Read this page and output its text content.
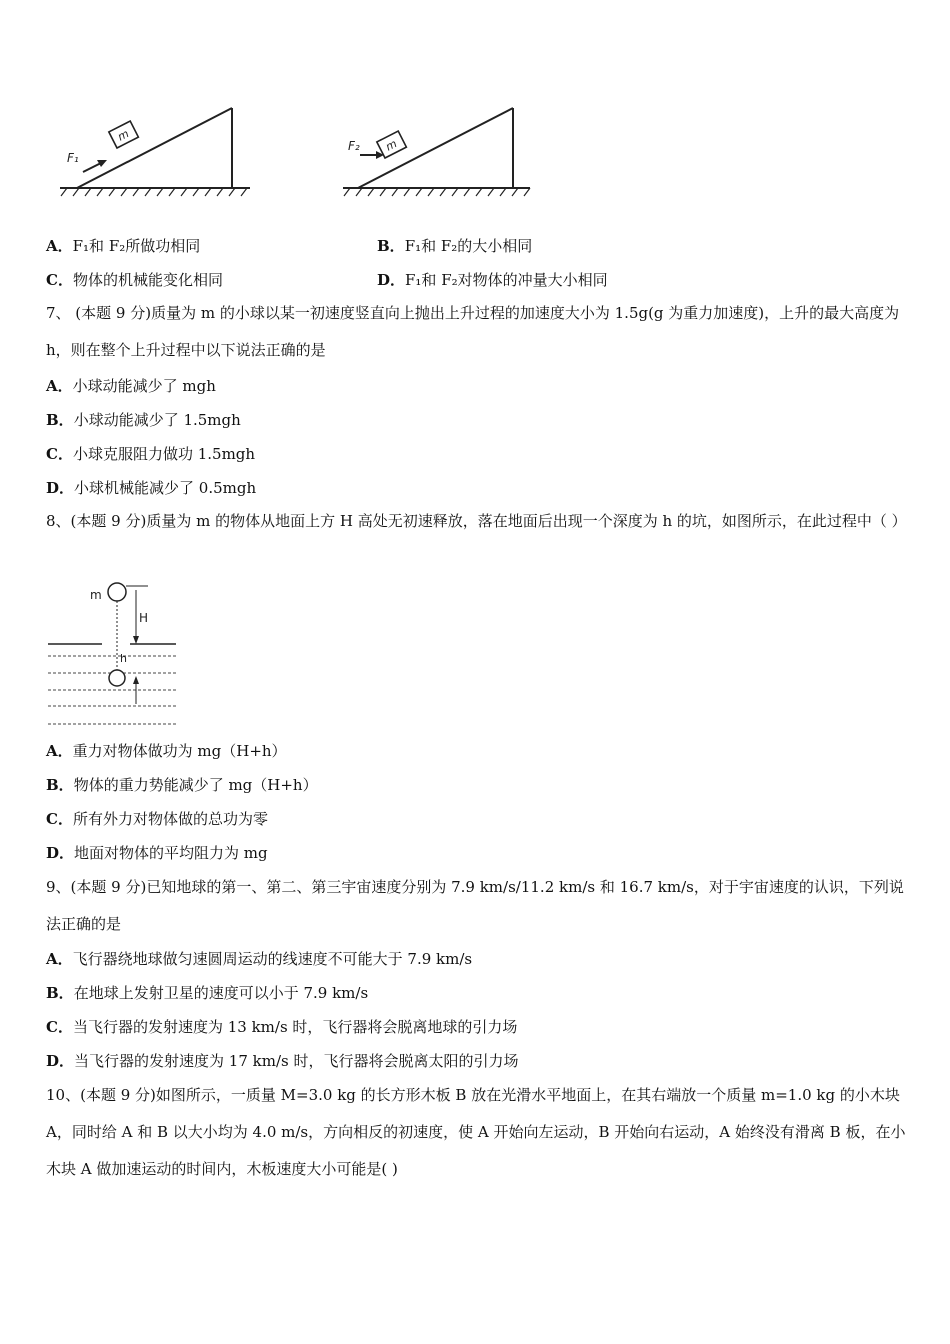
m
F₁
m
F₂
A．F₁和 F₂所做功相同	B．F₁和 F₂的大小相同
C．物体的机械能变化相同	D．F₁和 F₂对物体的冲量大小相同
7、 (本题 9 分)质量为 m 的小球以某一初速度竖直向上抛出上升过程的加速度大小为 1.5g(g 为重力加速度)，上升的最大高度为 h，则在整个上升过程中以下说法正确的是
A．小球动能减少了 mgh
B．小球动能减少了 1.5mgh
C．小球克服阻力做功 1.5mgh
D．小球机械能减少了 0.5mgh
8、(本题 9 分)质量为 m 的物体从地面上方 H 高处无初速释放，落在地面后出现一个深度为 h 的坑，如图所示，在此过程中（ ）
m
H
h
A．重力对物体做功为 mg（H+h）
B．物体的重力势能减少了 mg（H+h）
C．所有外力对物体做的总功为零
D．地面对物体的平均阻力为 mg
9、(本题 9 分)已知地球的第一、第二、第三宇宙速度分别为 7.9 km/s/11.2 km/s 和 16.7 km/s，对于宇宙速度的认识，下列说法正确的是
A．飞行器绕地球做匀速圆周运动的线速度不可能大于 7.9 km/s
B．在地球上发射卫星的速度可以小于 7.9 km/s
C．当飞行器的发射速度为 13 km/s 时，飞行器将会脱离地球的引力场
D．当飞行器的发射速度为 17 km/s 时，飞行器将会脱离太阳的引力场
10、(本题 9 分)如图所示，一质量 M=3.0 kg 的长方形木板 B 放在光滑水平地面上，在其右端放一个质量 m=1.0 kg 的小木块 A，同时给 A 和 B 以大小均为 4.0 m/s，方向相反的初速度，使 A 开始向左运动，B 开始向右运动，A 始终没有滑离 B 板，在小木块 A 做加速运动的时间内，木板速度大小可能是( )
